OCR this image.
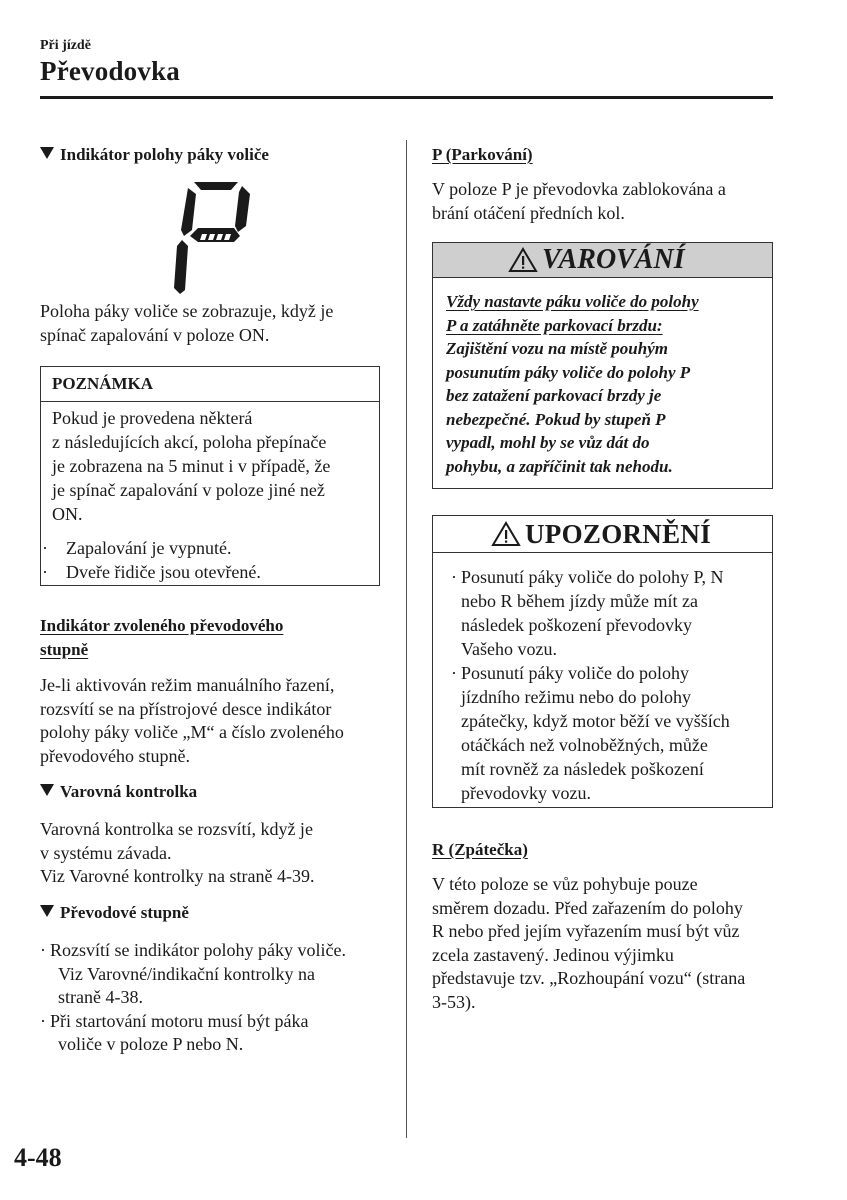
Při jízdě
Převodovka
Indikátor polohy páky voliče
Poloha páky voliče se zobrazuje, když je
spínač zapalování v poloze ON.
POZNÁMKA
Pokud je provedena některá
z následujících akcí, poloha přepínače
je zobrazena na 5 minut i v případě, že
je spínač zapalování v poloze jiné než
ON.
· Zapalování je vypnuté.
· Dveře řidiče jsou otevřené.
Indikátor zvoleného převodového
stupně
Je-li aktivován režim manuálního řazení,
rozsvítí se na přístrojové desce indikátor
polohy páky voliče „M“ a číslo zvoleného
převodového stupně.
Varovná kontrolka
Varovná kontrolka se rozsvítí, když je
v systému závada.
Viz Varovné kontrolky na straně 4-39.
Převodové stupně
· Rozsvítí se indikátor polohy páky voliče.
Viz Varovné/indikační kontrolky na
straně 4-38.
· Při startování motoru musí být páka
voliče v poloze P nebo N.
P (Parkování)
V poloze P je převodovka zablokována a
brání otáčení předních kol.
VAROVÁNÍ
Vždy nastavte páku voliče do polohy
P a zatáhněte parkovací brzdu:
Zajištění vozu na místě pouhým
posunutím páky voliče do polohy P
bez zatažení parkovací brzdy je
nebezpečné. Pokud by stupeň P
vypadl, mohl by se vůz dát do
pohybu, a zapříčinit tak nehodu.
UPOZORNĚNÍ
· Posunutí páky voliče do polohy P, N
nebo R během jízdy může mít za
následek poškození převodovky
Vašeho vozu.
· Posunutí páky voliče do polohy
jízdního režimu nebo do polohy
zpátečky, když motor běží ve vyšších
otáčkách než volnoběžných, může
mít rovněž za následek poškození
převodovky vozu.
R (Zpátečka)
V této poloze se vůz pohybuje pouze
směrem dozadu. Před zařazením do polohy
R nebo před jejím vyřazením musí být vůz
zcela zastavený. Jedinou výjimku
představuje tzv. „Rozhoupání vozu“ (strana
3-53).
4-48
